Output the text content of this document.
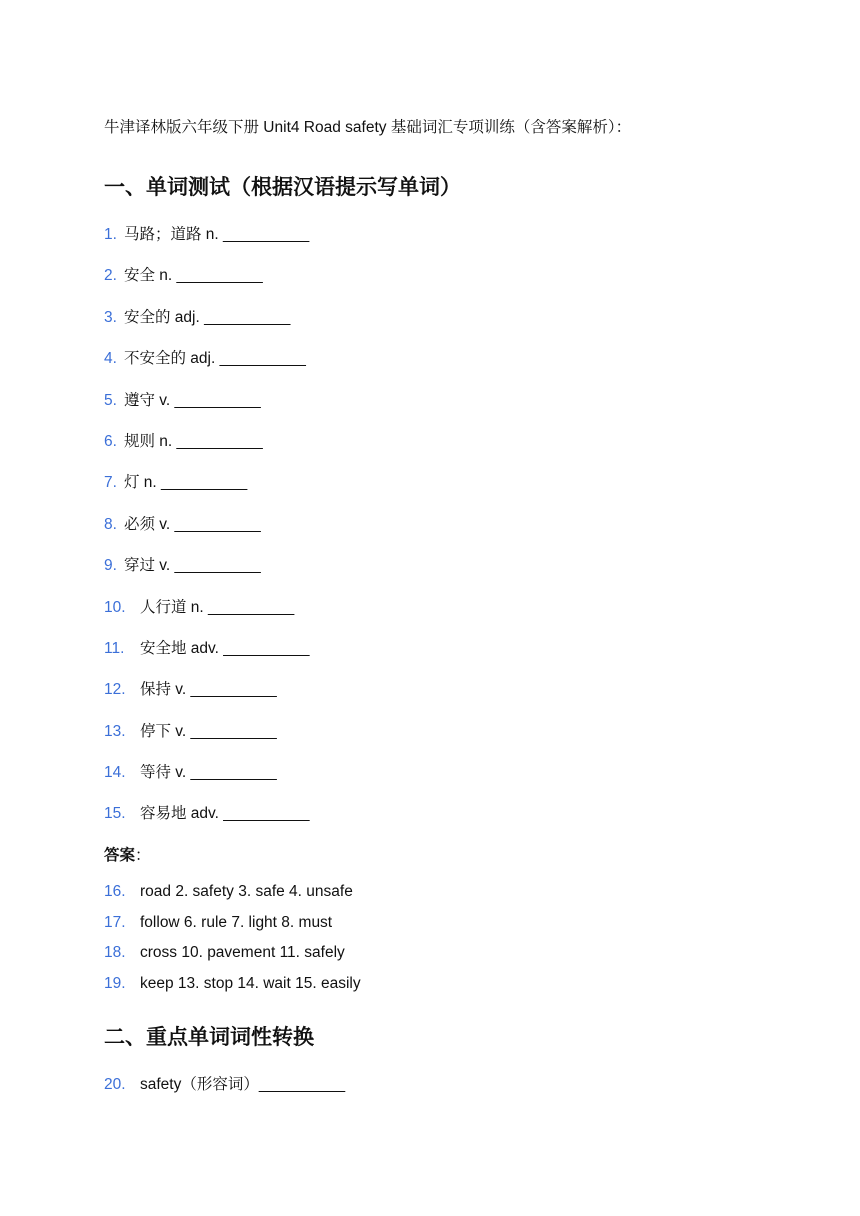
牛津译林版六年级下册 Unit4 Road safety 基础词汇专项训练（含答案解析）：
一、单词测试（根据汉语提示写单词）
1. 马路；道路 n. __________
2. 安全 n. __________
3. 安全的 adj. __________
4. 不安全的 adj. __________
5. 遵守 v. __________
6. 规则 n. __________
7. 灯 n. __________
8. 必须 v. __________
9. 穿过 v. __________
10. 人行道 n. __________
11. 安全地 adv. __________
12. 保持 v. __________
13. 停下 v. __________
14. 等待 v. __________
15. 容易地 adv. __________
答案：
16. road 2. safety 3. safe 4. unsafe
17. follow 6. rule 7. light 8. must
18. cross 10. pavement 11. safely
19. keep 13. stop 14. wait 15. easily
二、重点单词词性转换
20. safety（形容词）__________
